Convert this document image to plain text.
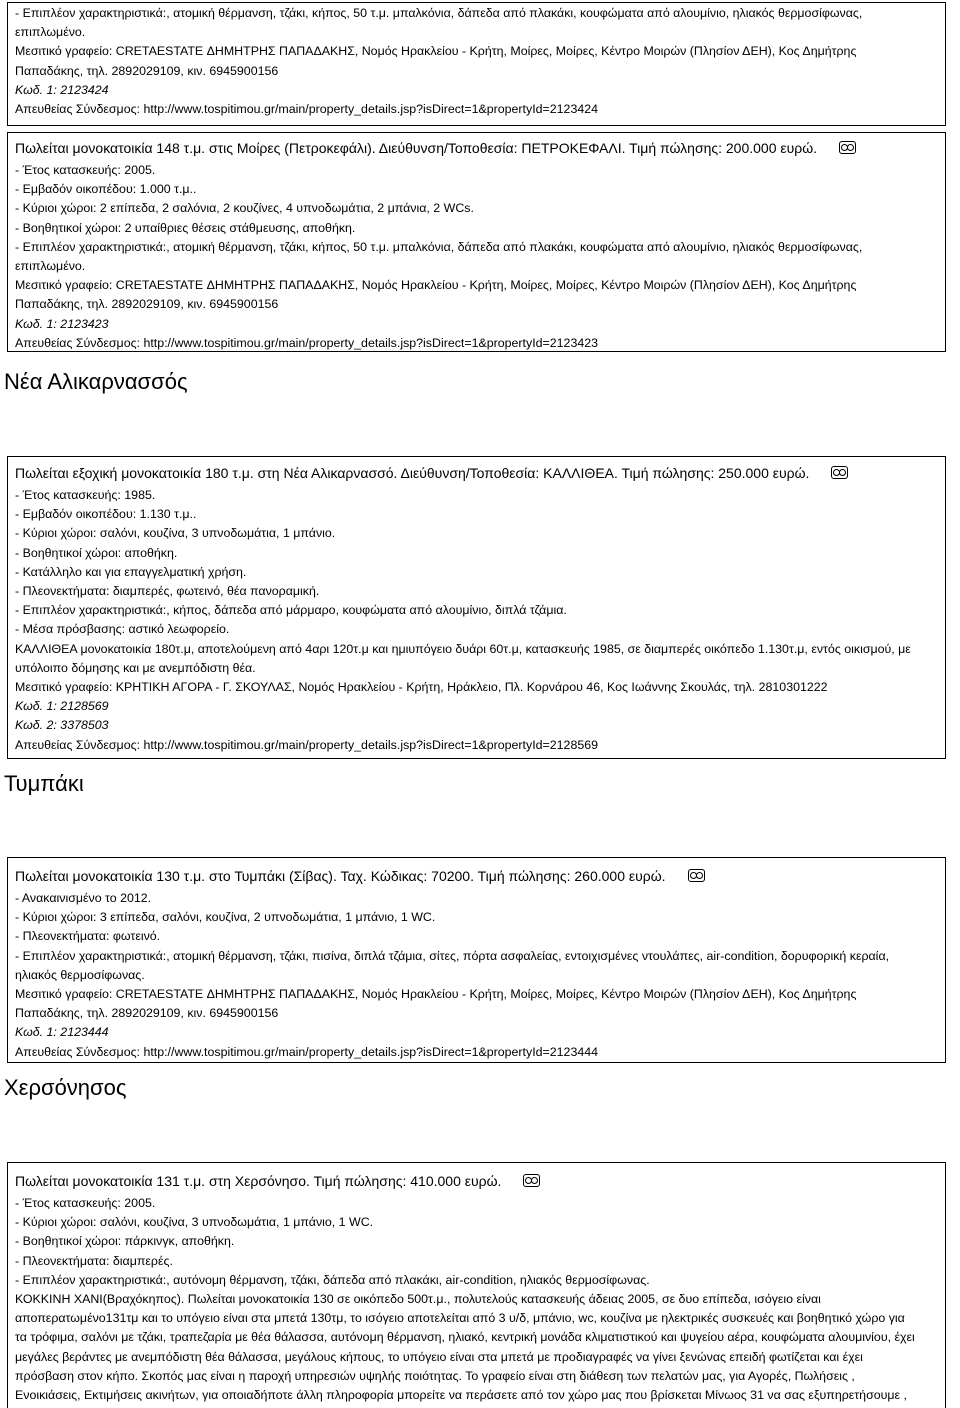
- Επιπλέον χαρακτηριστικά:, ατομική θέρμανση, τζάκι, κήπος, 50 τ.μ. μπαλκόνια, δάπεδα από πλακάκι, κουφώματα από αλουμίνιο, ηλιακός θερμοσίφωνας,
επιπλωμένο.
Μεσιτικό γραφείο: CRETAESTATE ΔΗΜΗΤΡΗΣ ΠΑΠΑΔΑΚΗΣ, Νομός Ηρακλείου - Κρήτη, Μοίρες, Μοίρες, Κέντρο Μοιρών (Πλησίον ΔΕΗ), Κος Δημήτρης
Παπαδάκης, τηλ. 2892029109, κιν. 6945900156
Κωδ. 1: 2123424
Απευθείας Σύνδεσμος: http://www.tospitimou.gr/main/property_details.jsp?isDirect=1&propertyId=2123424
Πωλείται μονοκατοικία 148 τ.μ. στις Μοίρες (Πετροκεφάλι). Διεύθυνση/Τοποθεσία: ΠΕΤΡΟΚΕΦΑΛΙ. Τιμή πώλησης: 200.000 ευρώ.
- Έτος κατασκευής: 2005.
- Εμβαδόν οικοπέδου: 1.000 τ.μ..
- Κύριοι χώροι: 2 επίπεδα, 2 σαλόνια, 2 κουζίνες, 4 υπνοδωμάτια, 2 μπάνια, 2 WCs.
- Βοηθητικοί χώροι: 2 υπαίθριες θέσεις στάθμευσης, αποθήκη.
- Επιπλέον χαρακτηριστικά:, ατομική θέρμανση, τζάκι, κήπος, 50 τ.μ. μπαλκόνια, δάπεδα από πλακάκι, κουφώματα από αλουμίνιο, ηλιακός θερμοσίφωνας,
επιπλωμένο.
Μεσιτικό γραφείο: CRETAESTATE ΔΗΜΗΤΡΗΣ ΠΑΠΑΔΑΚΗΣ, Νομός Ηρακλείου - Κρήτη, Μοίρες, Μοίρες, Κέντρο Μοιρών (Πλησίον ΔΕΗ), Κος Δημήτρης
Παπαδάκης, τηλ. 2892029109, κιν. 6945900156
Κωδ. 1: 2123423
Απευθείας Σύνδεσμος: http://www.tospitimou.gr/main/property_details.jsp?isDirect=1&propertyId=2123423
Νέα Αλικαρνασσός
Πωλείται εξοχική μονοκατοικία 180 τ.μ. στη Νέα Αλικαρνασσό. Διεύθυνση/Τοποθεσία: ΚΑΛΛΙΘΕΑ. Τιμή πώλησης: 250.000 ευρώ.
- Έτος κατασκευής: 1985.
- Εμβαδόν οικοπέδου: 1.130 τ.μ..
- Κύριοι χώροι: σαλόνι, κουζίνα, 3 υπνοδωμάτια, 1 μπάνιο.
- Βοηθητικοί χώροι: αποθήκη.
- Κατάλληλο και για επαγγελματική χρήση.
- Πλεονεκτήματα: διαμπερές, φωτεινό, θέα πανοραμική.
- Επιπλέον χαρακτηριστικά:, κήπος, δάπεδα από μάρμαρο, κουφώματα από αλουμίνιο, διπλά τζάμια.
- Μέσα πρόσβασης: αστικό λεωφορείο.
ΚΑΛΛΙΘΕΑ μονοκατοικία 180τ.μ, αποτελούμενη από 4αρι 120τ.μ και ημιυπόγειο δυάρι 60τ.μ, κατασκευής 1985, σε διαμπερές οικόπεδο 1.130τ.μ, εντός οικισμού, με
υπόλοιπο δόμησης και με ανεμπόδιστη θέα.
Μεσιτικό γραφείο: ΚΡΗΤΙΚΗ ΑΓΟΡΑ - Γ. ΣΚΟΥΛΑΣ, Νομός Ηρακλείου - Κρήτη, Ηράκλειο, Πλ. Κορνάρου 46, Κος Ιωάννης Σκουλάς, τηλ. 2810301222
Κωδ. 1: 2128569
Κωδ. 2: 3378503
Απευθείας Σύνδεσμος: http://www.tospitimou.gr/main/property_details.jsp?isDirect=1&propertyId=2128569
Τυμπάκι
Πωλείται μονοκατοικία 130 τ.μ. στο Τυμπάκι (Σίβας). Ταχ. Κώδικας: 70200. Τιμή πώλησης: 260.000 ευρώ.
- Ανακαινισμένο το 2012.
- Κύριοι χώροι: 3 επίπεδα, σαλόνι, κουζίνα, 2 υπνοδωμάτια, 1 μπάνιο, 1 WC.
- Πλεονεκτήματα: φωτεινό.
- Επιπλέον χαρακτηριστικά:, ατομική θέρμανση, τζάκι, πισίνα, διπλά τζάμια, σίτες, πόρτα ασφαλείας, εντοιχισμένες ντουλάπες, air-condition, δορυφορική κεραία,
ηλιακός θερμοσίφωνας.
Μεσιτικό γραφείο: CRETAESTATE ΔΗΜΗΤΡΗΣ ΠΑΠΑΔΑΚΗΣ, Νομός Ηρακλείου - Κρήτη, Μοίρες, Μοίρες, Κέντρο Μοιρών (Πλησίον ΔΕΗ), Κος Δημήτρης
Παπαδάκης, τηλ. 2892029109, κιν. 6945900156
Κωδ. 1: 2123444
Απευθείας Σύνδεσμος: http://www.tospitimou.gr/main/property_details.jsp?isDirect=1&propertyId=2123444
Χερσόνησος
Πωλείται μονοκατοικία 131 τ.μ. στη Χερσόνησο. Τιμή πώλησης: 410.000 ευρώ.
- Έτος κατασκευής: 2005.
- Κύριοι χώροι: σαλόνι, κουζίνα, 3 υπνοδωμάτια, 1 μπάνιο, 1 WC.
- Βοηθητικοί χώροι: πάρκινγκ, αποθήκη.
- Πλεονεκτήματα: διαμπερές.
- Επιπλέον χαρακτηριστικά:, αυτόνομη θέρμανση, τζάκι, δάπεδα από πλακάκι, air-condition, ηλιακός θερμοσίφωνας.
ΚΟΚΚΙΝΗ ΧΑΝΙ(Βραχόκηπος). Πωλείται μονοκατοικία 130 σε οικόπεδο 500τ.μ., πολυτελούς κατασκευής άδειας 2005, σε δυο επίπεδα, ισόγειο είναι
αποπερατωμένο131τμ και το υπόγειο είναι στα μπετά 130τμ, το ισόγειο αποτελείται από 3 υ/δ, μπάνιο, wc, κουζίνα με ηλεκτρικές συσκευές και βοηθητικό χώρο για
τα τρόφιμα, σαλόνι με τζάκι, τραπεζαρία με θέα θάλασσα, αυτόνομη θέρμανση, ηλιακό, κεντρική μονάδα κλιματιστικού και ψυγείου αέρα, κουφώματα αλουμινίου, έχει
μεγάλες βεράντες με ανεμπόδιστη θέα θάλασσα, μεγάλους κήπους, το υπόγειο είναι στα μπετά με προδιαγραφές να γίνει ξενώνας επειδή φωτίζεται και έχει
πρόσβαση στον κήπο. Σκοπός μας είναι η παροχή υπηρεσιών υψηλής ποιότητας. Το γραφείο είναι στη διάθεση των πελατών μας, για Αγορές, Πωλήσεις ,
Ενοικιάσεις, Εκτιμήσεις ακινήτων, για οποιαδήποτε άλλη πληροφορία μπορείτε να περάσετε από τον χώρο μας που βρίσκεται Μίνωος 31 να σας εξυπηρετήσουμε ,
